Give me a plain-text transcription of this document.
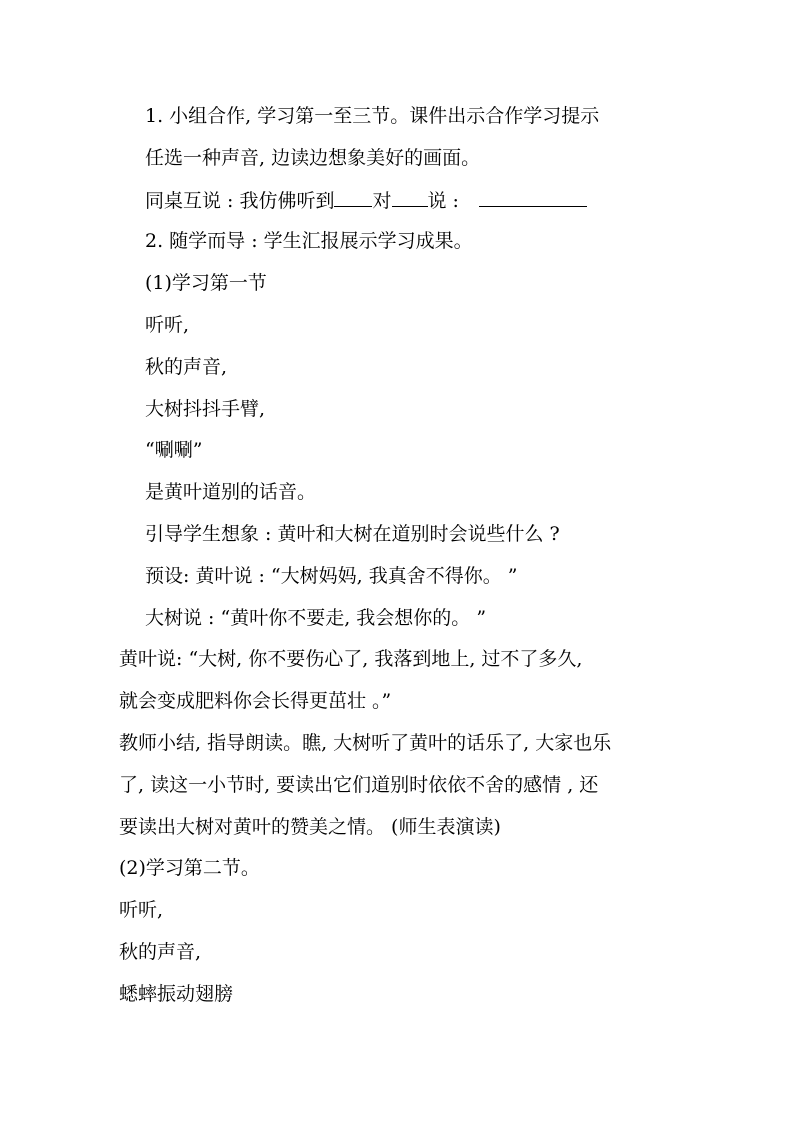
1. 小组合作, 学习第一至三节。课件出示合作学习提示
任选一种声音, 边读边想象美好的画面。
同桌互说 : 我仿佛听到 对 说 :
2. 随学而导 : 学生汇报展示学习成果。
(1)学习第一节
听听,
秋的声音,
大树抖抖手臂,
“唰唰”
是黄叶道别的话音。
引导学生想象 : 黄叶和大树在道别时会说些什么 ?
预设: 黄叶说 : “大树妈妈, 我真舍不得你。 ”
大树说 : “黄叶你不要走, 我会想你的。 ”
黄叶说: “大树, 你不要伤心了, 我落到地上, 过不了多久,
就会变成肥料你会长得更茁壮 。”
教师小结, 指导朗读。瞧, 大树听了黄叶的话乐了, 大家也乐
了, 读这一小节时, 要读出它们道别时依依不舍的感情 , 还
要读出大树对黄叶的赞美之情。 (师生表演读)
(2)学习第二节。
听听,
秋的声音,
蟋蟀振动翅膀
